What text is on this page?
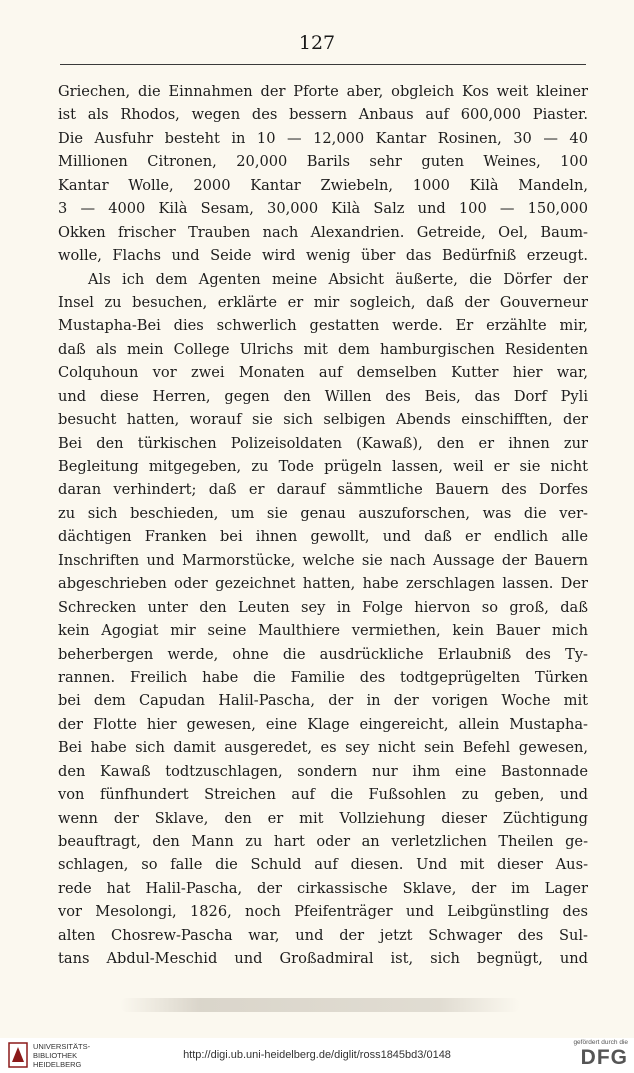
127
Griechen, die Einnahmen der Pforte aber, obgleich Kos weit kleiner
ist als Rhodos, wegen des bessern Anbaus auf 600,000 Piaster.
Die Ausfuhr besteht in 10 — 12,000 Kantar Rosinen, 30 — 40
Millionen Citronen, 20,000 Barils sehr guten Weines, 100
Kantar Wolle, 2000 Kantar Zwiebeln, 1000 Kilà Mandeln,
3 — 4000 Kilà Sesam, 30,000 Kilà Salz und 100 — 150,000
Okken frischer Trauben nach Alexandrien. Getreide, Oel, Baum-
wolle, Flachs und Seide wird wenig über das Bedürfniß erzeugt.
Als ich dem Agenten meine Absicht äußerte, die Dörfer der
Insel zu besuchen, erklärte er mir sogleich, daß der Gouverneur
Mustapha-Bei dies schwerlich gestatten werde. Er erzählte mir,
daß als mein College Ulrichs mit dem hamburgischen Residenten
Colquhoun vor zwei Monaten auf demselben Kutter hier war,
und diese Herren, gegen den Willen des Beis, das Dorf Pyli
besucht hatten, worauf sie sich selbigen Abends einschifften, der
Bei den türkischen Polizeisoldaten (Kawaß), den er ihnen zur
Begleitung mitgegeben, zu Tode prügeln lassen, weil er sie nicht
daran verhindert; daß er darauf sämmtliche Bauern des Dorfes
zu sich beschieden, um sie genau auszuforschen, was die ver-
dächtigen Franken bei ihnen gewollt, und daß er endlich alle
Inschriften und Marmorstücke, welche sie nach Aussage der Bauern
abgeschrieben oder gezeichnet hatten, habe zerschlagen lassen. Der
Schrecken unter den Leuten sey in Folge hiervon so groß, daß
kein Agogiat mir seine Maulthiere vermiethen, kein Bauer mich
beherbergen werde, ohne die ausdrückliche Erlaubniß des Ty-
rannen. Freilich habe die Familie des todtgeprügelten Türken
bei dem Capudan Halil-Pascha, der in der vorigen Woche mit
der Flotte hier gewesen, eine Klage eingereicht, allein Mustapha-
Bei habe sich damit ausgeredet, es sey nicht sein Befehl gewesen,
den Kawaß todtzuschlagen, sondern nur ihm eine Bastonnade
von fünfhundert Streichen auf die Fußsohlen zu geben, und
wenn der Sklave, den er mit Vollziehung dieser Züchtigung
beauftragt, den Mann zu hart oder an verletzlichen Theilen ge-
schlagen, so falle die Schuld auf diesen. Und mit dieser Aus-
rede hat Halil-Pascha, der cirkassische Sklave, der im Lager
vor Mesolongi, 1826, noch Pfeifenträger und Leibgünstling des
alten Chosrew-Pascha war, und der jetzt Schwager des Sul-
tans Abdul-Meschid und Großadmiral ist, sich begnügt, und
UNIVERSITÄTS-
BIBLIOTHEK
HEIDELBERG
http://digi.ub.uni-heidelberg.de/diglit/ross1845bd3/0148
gefördert durch die
DFG
